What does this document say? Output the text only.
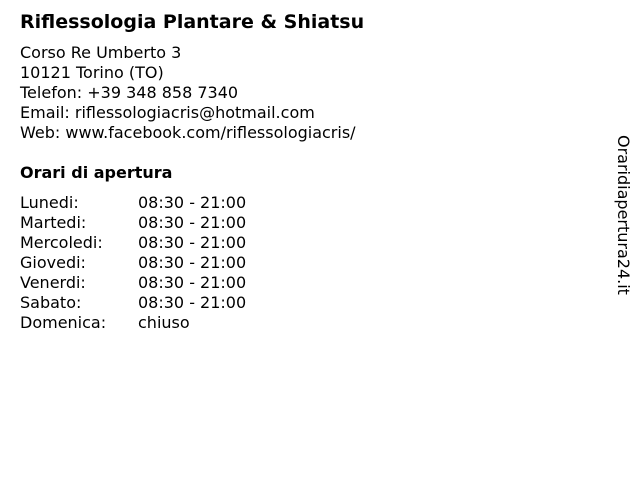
Riflessologia Plantare & Shiatsu
Corso Re Umberto 3
10121 Torino (TO)
Telefon: +39 348 858 7340
Email: riflessologiacris@hotmail.com
Web: www.facebook.com/riflessologiacris/
Orari di apertura
Lunedi:	08:30 - 21:00
Martedi:	08:30 - 21:00
Mercoledi: 08:30 - 21:00
Giovedi:	08:30 - 21:00
Venerdi:	08:30 - 21:00
Sabato:	08:30 - 21:00
Domenica: chiuso
Oraridiapertura24.it
